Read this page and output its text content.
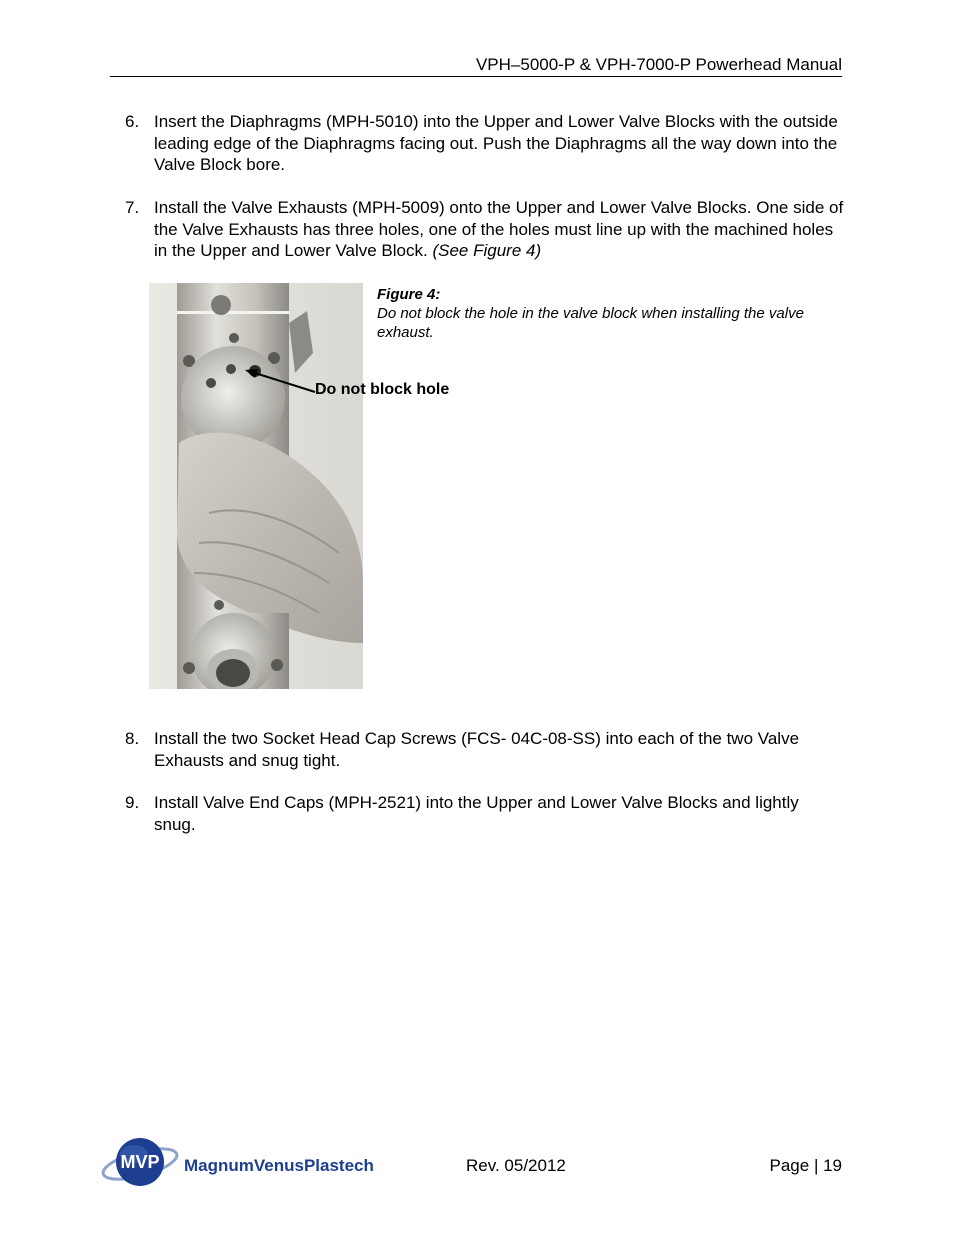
VPH–5000-P & VPH-7000-P Powerhead Manual
6. Insert the Diaphragms (MPH-5010) into the Upper and Lower Valve Blocks with the outside leading edge of the Diaphragms facing out. Push the Diaphragms all the way down into the Valve Block bore.
7. Install the Valve Exhausts (MPH-5009) onto the Upper and Lower Valve Blocks. One side of the Valve Exhausts has three holes, one of the holes must line up with the machined holes in the Upper and Lower Valve Block. (See Figure 4)
Do not block hole
Figure 4:
Do not block the hole in the valve block when installing the valve exhaust.
8. Install the two Socket Head Cap Screws (FCS- 04C-08-SS) into each of the two Valve Exhausts and snug tight.
9. Install Valve End Caps (MPH-2521) into the Upper and Lower Valve Blocks and lightly snug.
MVP MagnumVenusPlastech	Rev. 05/2012	Page | 19
